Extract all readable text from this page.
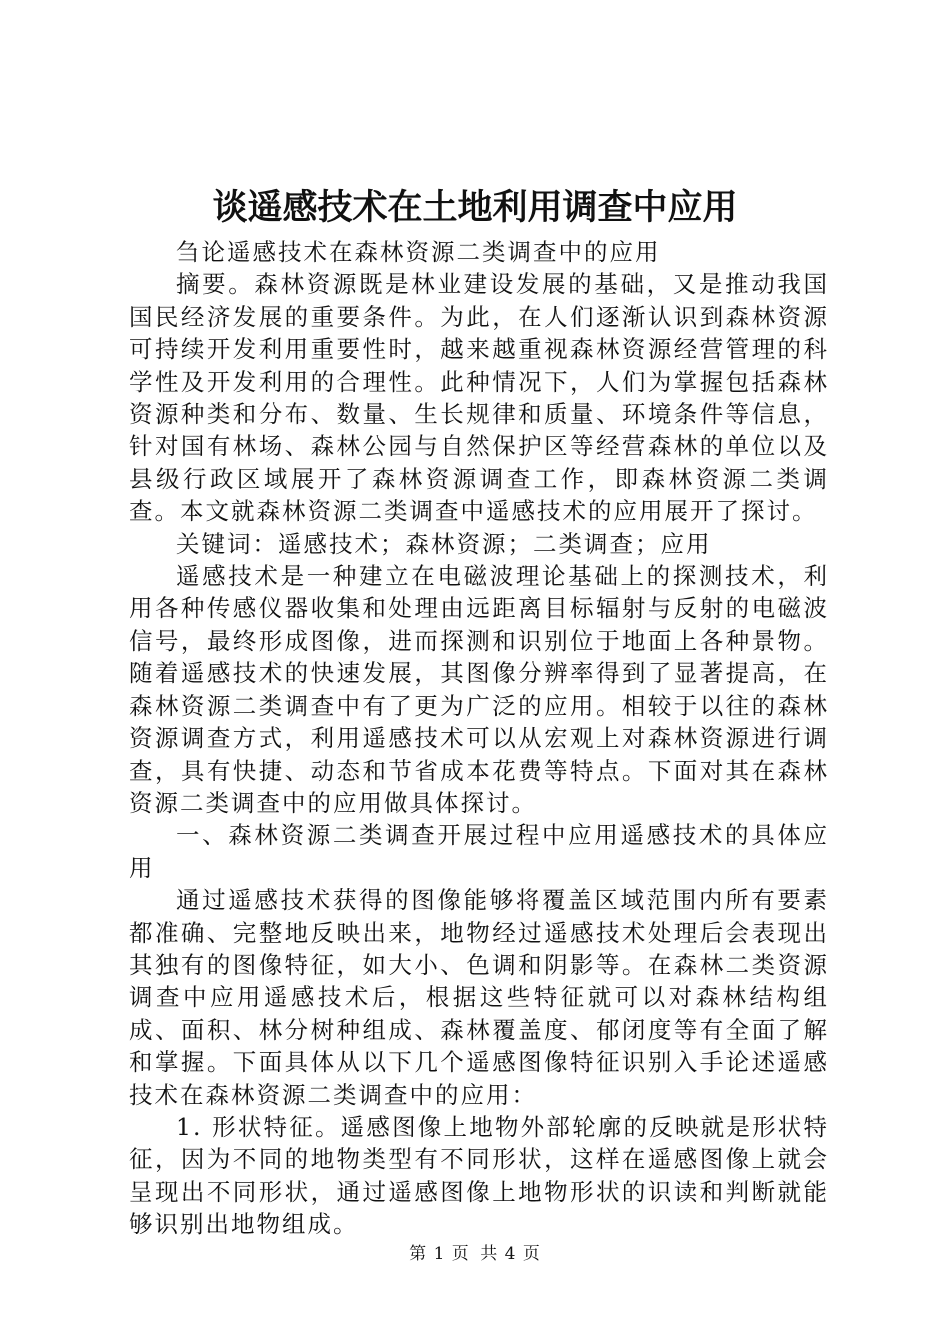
谈遥感技术在土地利用调查中应用

刍论遥感技术在森林资源二类调查中的应用

摘要。森林资源既是林业建设发展的基础，又是推动我国国民经济发展的重要条件。为此，在人们逐渐认识到森林资源可持续开发利用重要性时，越来越重视森林资源经营管理的科学性及开发利用的合理性。此种情况下，人们为掌握包括森林资源种类和分布、数量、生长规律和质量、环境条件等信息，针对国有林场、森林公园与自然保护区等经营森林的单位以及县级行政区域展开了森林资源调查工作，即森林资源二类调查。本文就森林资源二类调查中遥感技术的应用展开了探讨。

关键词：遥感技术；森林资源；二类调查；应用

遥感技术是一种建立在电磁波理论基础上的探测技术，利用各种传感仪器收集和处理由远距离目标辐射与反射的电磁波信号，最终形成图像，进而探测和识别位于地面上各种景物。随着遥感技术的快速发展，其图像分辨率得到了显著提高，在森林资源二类调查中有了更为广泛的应用。相较于以往的森林资源调查方式，利用遥感技术可以从宏观上对森林资源进行调查，具有快捷、动态和节省成本花费等特点。下面对其在森林资源二类调查中的应用做具体探讨。

一、森林资源二类调查开展过程中应用遥感技术的具体应用

通过遥感技术获得的图像能够将覆盖区域范围内所有要素都准确、完整地反映出来，地物经过遥感技术处理后会表现出其独有的图像特征，如大小、色调和阴影等。在森林二类资源调查中应用遥感技术后，根据这些特征就可以对森林结构组成、面积、林分树种组成、森林覆盖度、郁闭度等有全面了解和掌握。下面具体从以下几个遥感图像特征识别入手论述遥感技术在森林资源二类调查中的应用：

1. 形状特征。遥感图像上地物外部轮廓的反映就是形状特征，因为不同的地物类型有不同形状，这样在遥感图像上就会呈现出不同形状，通过遥感图像上地物形状的识读和判断就能够识别出地物组成。

第 1 页 共 4 页
